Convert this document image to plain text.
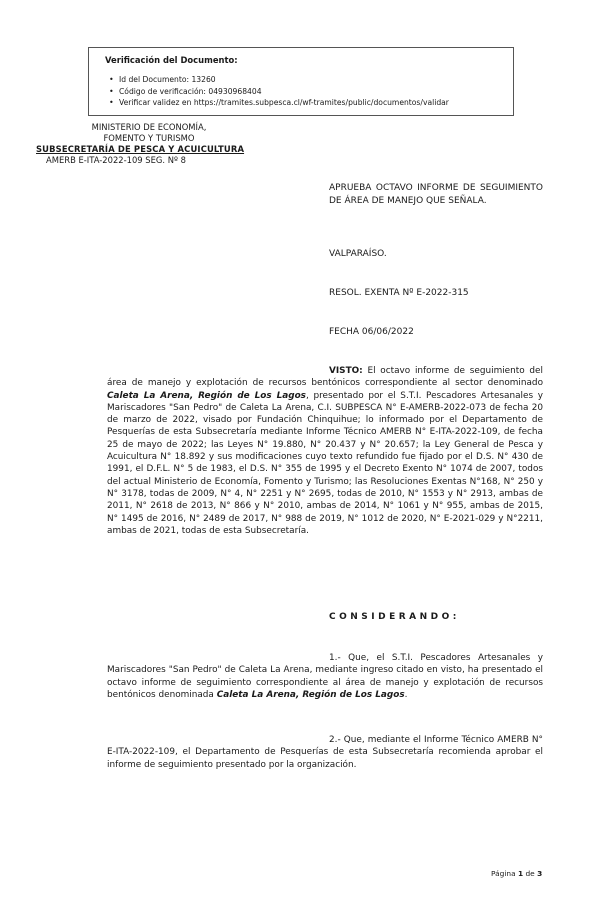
Verificación del Documento:

• Id del Documento: 13260
• Código de verificación: 04930968404
• Verificar validez en https://tramites.subpesca.cl/wf-tramites/public/documentos/validar

MINISTERIO DE ECONOMÍA,

FOMENTO Y TURISMO

SUBSECRETARÍA DE PESCA Y ACUICULTURA

AMERB E-ITA-2022-109 SEG. Nº 8

APRUEBA OCTAVO INFORME DE SEGUIMIENTO DE ÁREA DE MANEJO QUE SEÑALA.

VALPARAÍSO.

RESOL. EXENTA Nº E-2022-315

FECHA 06/06/2022

VISTO: El octavo informe de seguimiento del área de manejo y explotación de recursos bentónicos correspondiente al sector denominado Caleta La Arena, Región de Los Lagos, presentado por el S.T.I. Pescadores Artesanales y Mariscadores "San Pedro" de Caleta La Arena, C.I. SUBPESCA N° E-AMERB-2022-073 de fecha 20 de marzo de 2022, visado por Fundación Chinquihue; lo informado por el Departamento de Pesquerías de esta Subsecretaría mediante Informe Técnico AMERB N° E-ITA-2022-109, de fecha 25 de mayo de 2022; las Leyes N° 19.880, N° 20.437 y N° 20.657; la Ley General de Pesca y Acuicultura N° 18.892 y sus modificaciones cuyo texto refundido fue fijado por el D.S. N° 430 de 1991, el D.F.L. N° 5 de 1983, el D.S. N° 355 de 1995 y el Decreto Exento N° 1074 de 2007, todos del actual Ministerio de Economía, Fomento y Turismo; las Resoluciones Exentas N°168, N° 250 y N° 3178, todas de 2009, N° 4, N° 2251 y N° 2695, todas de 2010, N° 1553 y N° 2913, ambas de 2011, N° 2618 de 2013, N° 866 y N° 2010, ambas de 2014, N° 1061 y N° 955, ambas de 2015, N° 1495 de 2016, N° 2489 de 2017, N° 988 de 2019, N° 1012 de 2020, N° E-2021-029 y N°2211, ambas de 2021, todas de esta Subsecretaría.

CONSIDERANDO:

1.- Que, el S.T.I. Pescadores Artesanales y Mariscadores "San Pedro" de Caleta La Arena, mediante ingreso citado en visto, ha presentado el octavo informe de seguimiento correspondiente al área de manejo y explotación de recursos bentónicos denominada Caleta La Arena, Región de Los Lagos.

2.- Que, mediante el Informe Técnico AMERB N° E-ITA-2022-109, el Departamento de Pesquerías de esta Subsecretaría recomienda aprobar el informe de seguimiento presentado por la organización.

Página 1 de 3
